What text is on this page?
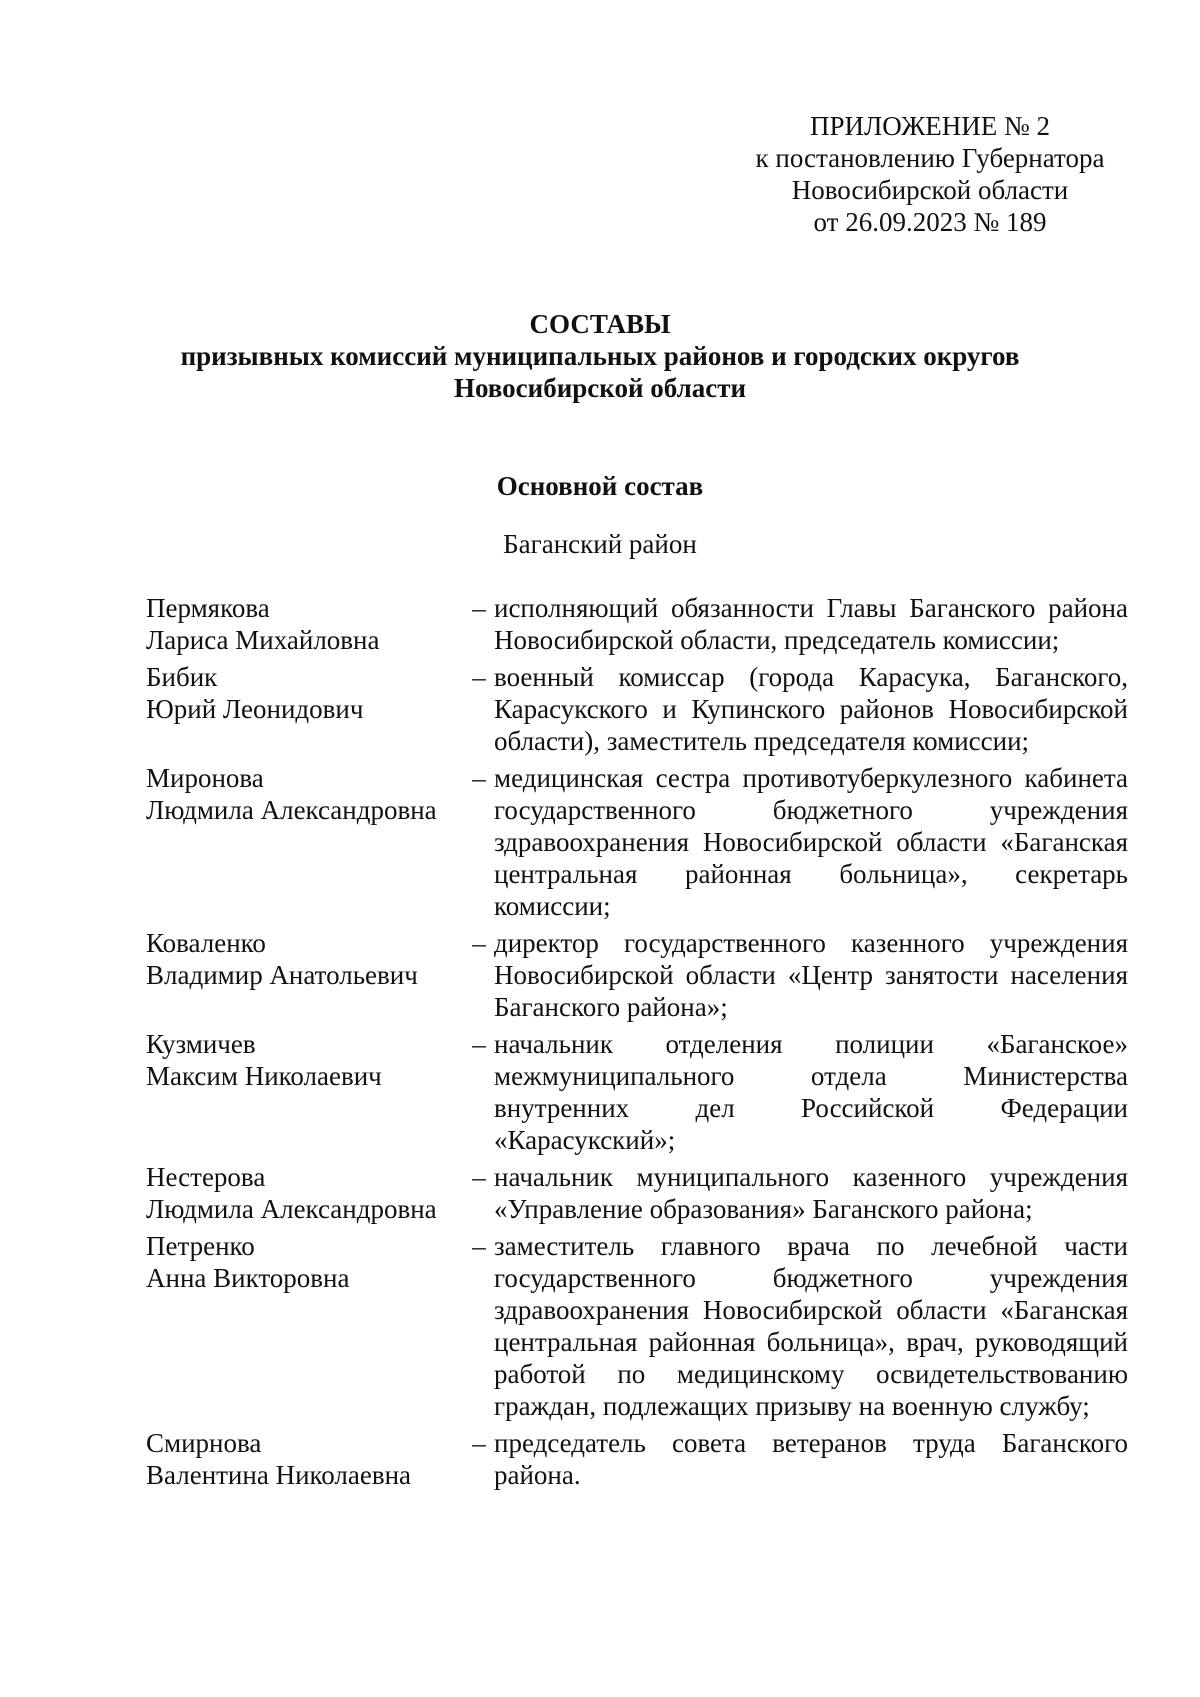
ПРИЛОЖЕНИЕ № 2
к постановлению Губернатора
Новосибирской области
от 26.09.2023 № 189
СОСТАВЫ
призывных комиссий муниципальных районов и городских округов
Новосибирской области
Основной состав
Баганский район
Пермякова
Лариса Михайловна
– исполняющий обязанности Главы Баганского района Новосибирской области, председатель комиссии;
Бибик
Юрий Леонидович
– военный комиссар (города Карасука, Баганского, Карасукского и Купинского районов Новосибирской области), заместитель председателя комиссии;
Миронова
Людмила Александровна
– медицинская сестра противотуберкулезного кабинета государственного бюджетного учреждения здравоохранения Новосибирской области «Баганская центральная районная больница», секретарь комиссии;
Коваленко
Владимир Анатольевич
– директор государственного казенного учреждения Новосибирской области «Центр занятости населения Баганского района»;
Кузмичев
Максим Николаевич
– начальник отделения полиции «Баганское» межмуниципального отдела Министерства внутренних дел Российской Федерации «Карасукский»;
Нестерова
Людмила Александровна
– начальник муниципального казенного учреждения «Управление образования» Баганского района;
Петренко
Анна Викторовна
– заместитель главного врача по лечебной части государственного бюджетного учреждения здравоохранения Новосибирской области «Баганская центральная районная больница», врач, руководящий работой по медицинскому освидетельствованию граждан, подлежащих призыву на военную службу;
Смирнова
Валентина Николаевна
– председатель совета ветеранов труда Баганского района.
